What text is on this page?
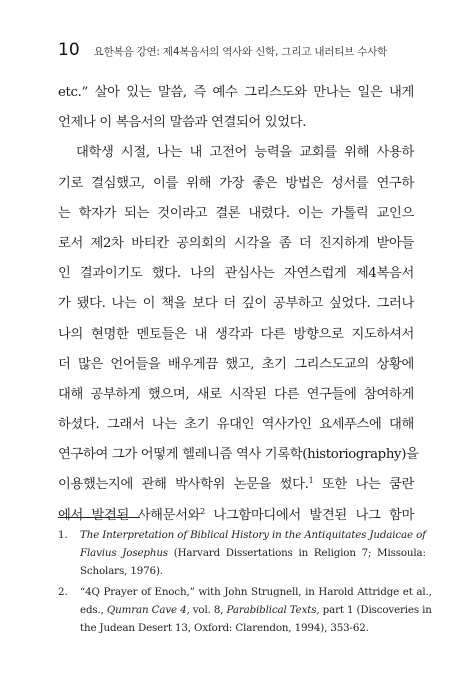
10 요한복음 강연: 제4복음서의 역사와 신학, 그리고 내러티브 수사학
etc.” 살아 있는 말씀, 즉 예수 그리스도와 만나는 일은 내게
언제나 이 복음서의 말씀과 연결되어 있었다.
대학생 시절, 나는 내 고전어 능력을 교회를 위해 사용하
기로 결심했고, 이를 위해 가장 좋은 방법은 성서를 연구하
는 학자가 되는 것이라고 결론 내렸다. 이는 가톨릭 교인으
로서 제2차 바티칸 공의회의 시각을 좀 더 진지하게 받아들
인 결과이기도 했다. 나의 관심사는 자연스럽게 제4복음서
가 됐다. 나는 이 책을 보다 더 깊이 공부하고 싶었다. 그러나
나의 현명한 멘토들은 내 생각과 다른 방향으로 지도하셔서
더 많은 언어들을 배우게끔 했고, 초기 그리스도교의 상황에
대해 공부하게 했으며, 새로 시작된 다른 연구들에 참여하게
하셨다. 그래서 나는 초기 유대인 역사가인 요세푸스에 대해
연구하여 그가 어떻게 헬레니즘 역사 기록학(historiography)을
이용했는지에 관해 박사학위 논문을 썼다.$^1$ 또한 나는 쿰란
에서 발견된 사해문서와$^2$ 나그함마디에서 발견된 나그 함마
1.	The Interpretation of Biblical History in the Antiquitates Judaicae of
Flavius Josephus (Harvard Dissertations in Religion 7; Missoula:
Scholars, 1976).
2.	“4Q Prayer of Enoch,” with John Strugnell, in Harold Attridge et al.,
eds., Qumran Cave 4, vol. 8, Parabiblical Texts, part 1 (Discoveries in
the Judean Desert 13, Oxford: Clarendon, 1994), 353-62.
